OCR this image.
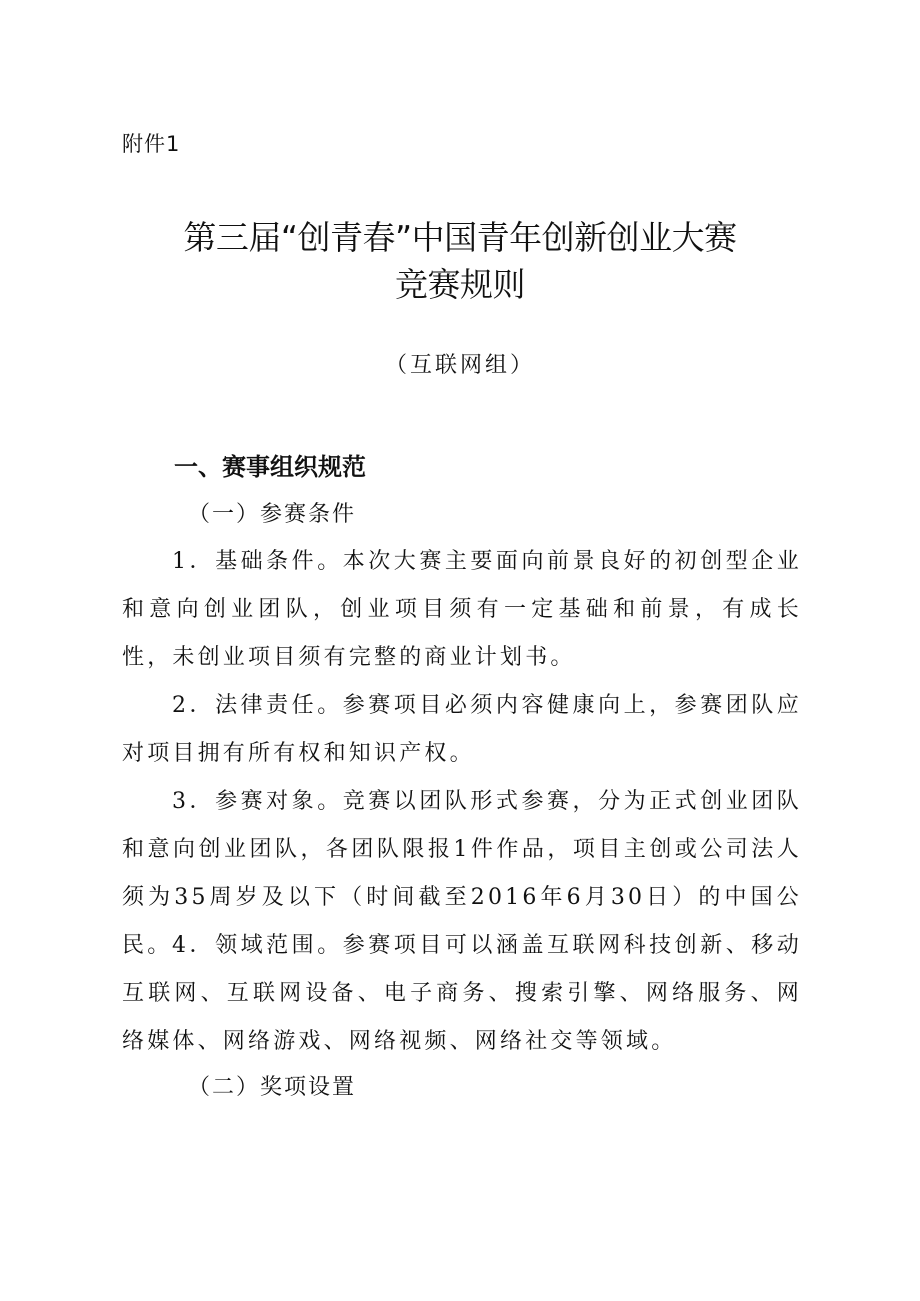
附件1
第三届“创青春”中国青年创新创业大赛
竞赛规则
（互联网组）
一、赛事组织规范
（一）参赛条件

1．基础条件。本次大赛主要面向前景良好的初创型企业和意向创业团队，创业项目须有一定基础和前景，有成长性，未创业项目须有完整的商业计划书。

2．法律责任。参赛项目必须内容健康向上，参赛团队应对项目拥有所有权和知识产权。

3．参赛对象。竞赛以团队形式参赛，分为正式创业团队和意向创业团队，各团队限报1件作品，项目主创或公司法人须为35周岁及以下（时间截至2016年6月30日）的中国公民。 4．领域范围。参赛项目可以涵盖互联网科技创新、移动互联网、互联网设备、电子商务、搜索引擎、网络服务、网络媒体、网络游戏、网络视频、网络社交等领域。

（二）奖项设置
